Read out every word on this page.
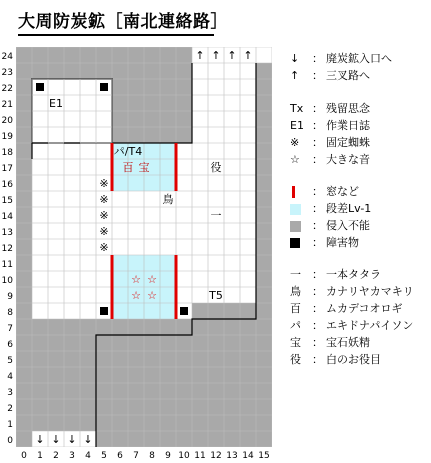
大周防炭鉱［南北連絡路］
E1
パ/T4
百 宝	役
※
※
※
※
※
鳥
一
☆ ☆
☆ ☆	T5
↑ ↑ ↑ ↑
↓ ↓ ↓ ↓
↓ ： 廃炭鉱入口へ
↑ ： 三叉路へ
Tx ： 残留思念
E1 ： 作業日誌
※ ： 固定蜘蛛
☆ ： 大きな音
： 窓など
： 段差Lv-1
： 侵入不能
： 障害物
一 ： 一本タタラ
鳥 ： カナリヤカマキリ
百 ： ムカデコオロギ
パ ： エキドナパイソン
宝 ： 宝石妖精
役 ： 白のお役目
0
1
2
3
4
5
6
7
8
9
10
11
12
13
14
15
16
17
18
19
20
21
22
23
24
0 1 2 3 4 5 6 7 8 9 10 11 12 13 14 15
